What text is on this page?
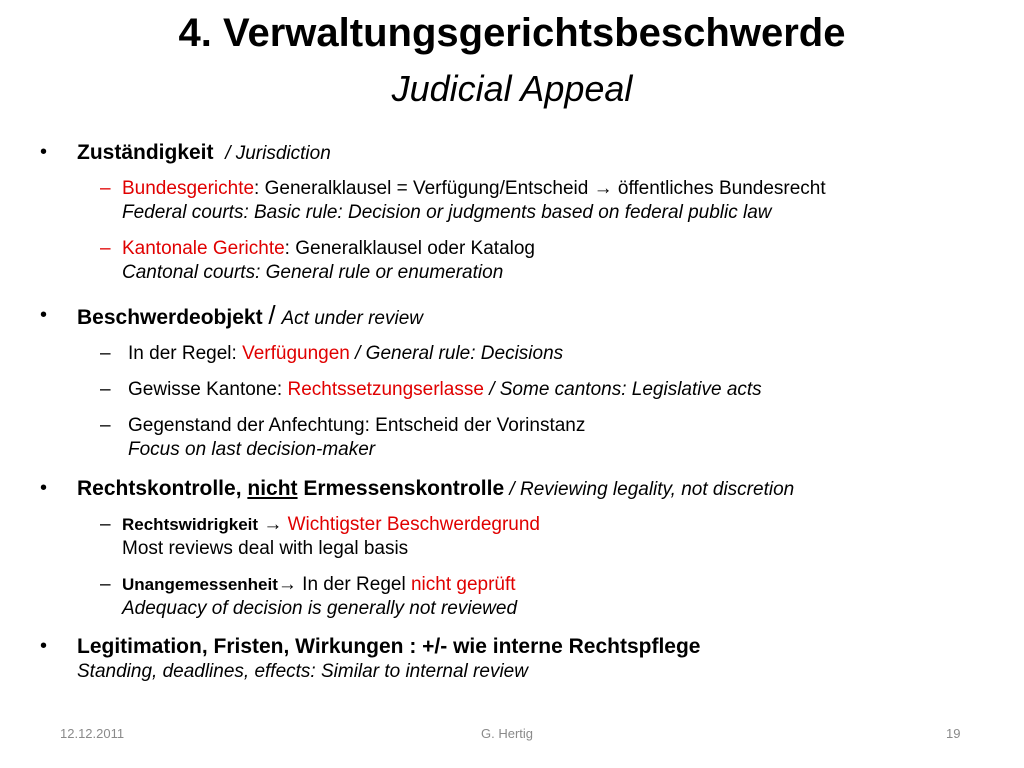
4. Verwaltungsgerichtsbeschwerde
Judicial Appeal
• Zuständigkeit / Jurisdiction
– Bundesgerichte: Generalklausel = Verfügung/Entscheid → öffentliches Bundesrecht
Federal courts: Basic rule: Decision or judgments based on federal public law
– Kantonale Gerichte: Generalklausel oder Katalog
Cantonal courts: General rule or enumeration
• Beschwerdeobjekt / Act under review
– In der Regel: Verfügungen / General rule: Decisions
– Gewisse Kantone: Rechtssetzungserlasse / Some cantons: Legislative acts
– Gegenstand der Anfechtung: Entscheid der Vorinstanz
Focus on last decision-maker
• Rechtskontrolle, nicht Ermessenskontrolle / Reviewing legality, not discretion
– Rechtswidrigkeit → Wichtigster Beschwerdegrund
Most reviews deal with legal basis
– Unangemessenheit→ In der Regel nicht geprüft
Adequacy of decision is generally not reviewed
• Legitimation, Fristen, Wirkungen : +/- wie interne Rechtspflege
Standing, deadlines, effects: Similar to internal review
12.12.2011	G. Hertig	19
